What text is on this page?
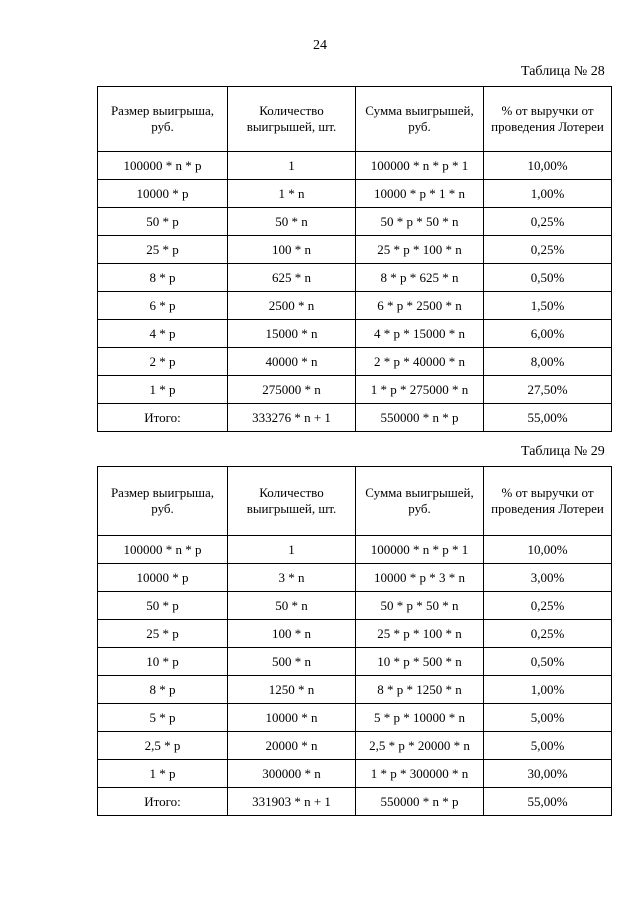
24
Таблица № 28
Размер выигрыша, руб.	Количество выигрышей, шт.	Сумма выигрышей, руб.	% от выручки от проведения Лотереи
100000 * n * p	1	100000 * n * p * 1	10,00%
10000 * p	1 * n	10000 * p * 1 * n	1,00%
50 * p	50 * n	50 * p * 50 * n	0,25%
25 * p	100 * n	25 * p * 100 * n	0,25%
8 * p	625 * n	8 * p * 625 * n	0,50%
6 * p	2500 * n	6 * p * 2500 * n	1,50%
4 * p	15000 * n	4 * p * 15000 * n	6,00%
2 * p	40000 * n	2 * p * 40000 * n	8,00%
1 * p	275000 * n	1 * p * 275000 * n	27,50%
Итого:	333276 * n + 1	550000 * n * p	55,00%
Таблица № 29
Размер выигрыша, руб.	Количество выигрышей, шт.	Сумма выигрышей, руб.	% от выручки от проведения Лотереи
100000 * n * p	1	100000 * n * p * 1	10,00%
10000 * p	3 * n	10000 * p * 3 * n	3,00%
50 * p	50 * n	50 * p * 50 * n	0,25%
25 * p	100 * n	25 * p * 100 * n	0,25%
10 * p	500 * n	10 * p * 500 * n	0,50%
8 * p	1250 * n	8 * p * 1250 * n	1,00%
5 * p	10000 * n	5 * p * 10000 * n	5,00%
2,5 * p	20000 * n	2,5 * p * 20000 * n	5,00%
1 * p	300000 * n	1 * p * 300000 * n	30,00%
Итого:	331903 * n + 1	550000 * n * p	55,00%
